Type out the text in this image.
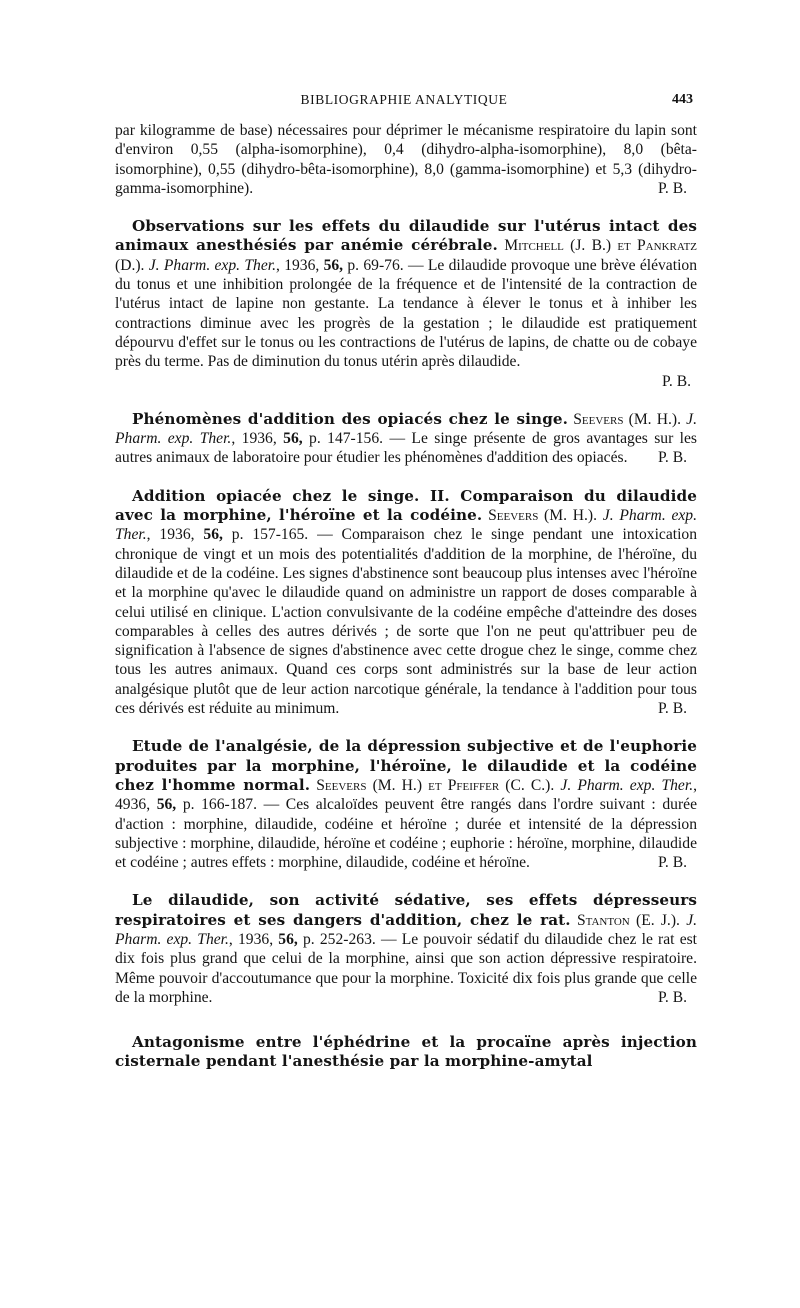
BIBLIOGRAPHIE ANALYTIQUE	443

par kilogramme de base) nécessaires pour déprimer le mécanisme respiratoire du lapin sont d'environ 0,55 (alpha-isomorphine), 0,4 (dihydro-alpha-isomorphine), 8,0 (bêta-isomorphine), 0,55 (dihydro-bêta-isomorphine), 8,0 (gamma-isomorphine) et 5,3 (dihydro-gamma-isomorphine).	P. B.

Observations sur les effets du dilaudide sur l'utérus intact des animaux anesthésiés par anémie cérébrale. Mitchell (J. B.) et Pankratz (D.). J. Pharm. exp. Ther., 1936, 56, p. 69-76. — Le dilaudide provoque une brève élévation du tonus et une inhibition prolongée de la fréquence et de l'intensité de la contraction de l'utérus intact de lapine non gestante. La tendance à élever le tonus et à inhiber les contractions diminue avec les progrès de la gestation ; le dilaudide est pratiquement dépourvu d'effet sur le tonus ou les contractions de l'utérus de lapins, de chatte ou de cobaye près du terme. Pas de diminution du tonus utérin après dilaudide.

P. B.

Phénomènes d'addition des opiacés chez le singe. Seevers (M. H.). J. Pharm. exp. Ther., 1936, 56, p. 147-156. — Le singe présente de gros avantages sur les autres animaux de laboratoire pour étudier les phénomènes d'addition des opiacés.	P. B.

Addition opiacée chez le singe. II. Comparaison du dilaudide avec la morphine, l'héroïne et la codéine. Seevers (M. H.). J. Pharm. exp. Ther., 1936, 56, p. 157-165. — Comparaison chez le singe pendant une intoxication chronique de vingt et un mois des potentialités d'addition de la morphine, de l'héroïne, du dilaudide et de la codéine. Les signes d'abstinence sont beaucoup plus intenses avec l'héroïne et la morphine qu'avec le dilaudide quand on administre un rapport de doses comparable à celui utilisé en clinique. L'action convulsivante de la codéine empêche d'atteindre des doses comparables à celles des autres dérivés ; de sorte que l'on ne peut qu'attribuer peu de signification à l'absence de signes d'abstinence avec cette drogue chez le singe, comme chez tous les autres animaux. Quand ces corps sont administrés sur la base de leur action analgésique plutôt que de leur action narcotique générale, la tendance à l'addition pour tous ces dérivés est réduite au minimum.	P. B.

Etude de l'analgésie, de la dépression subjective et de l'euphorie produites par la morphine, l'héroïne, le dilaudide et la codéine chez l'homme normal. Seevers (M. H.) et Pfeiffer (C. C.). J. Pharm. exp. Ther., 4936, 56, p. 166-187. — Ces alcaloïdes peuvent être rangés dans l'ordre suivant : durée d'action : morphine, dilaudide, codéine et héroïne ; durée et intensité de la dépression subjective : morphine, dilaudide, héroïne et codéine ; euphorie : héroïne, morphine, dilaudide et codéine ; autres effets : morphine, dilaudide, codéine et héroïne.	P. B.

Le dilaudide, son activité sédative, ses effets dépresseurs respiratoires et ses dangers d'addition, chez le rat. Stanton (E. J.). J. Pharm. exp. Ther., 1936, 56, p. 252-263. — Le pouvoir sédatif du dilaudide chez le rat est dix fois plus grand que celui de la morphine, ainsi que son action dépressive respiratoire. Même pouvoir d'accoutumance que pour la morphine. Toxicité dix fois plus grande que celle de la morphine.	P. B.

Antagonisme entre l'éphédrine et la procaïne après injection cisternale pendant l'anesthésie par la morphine-amytal
